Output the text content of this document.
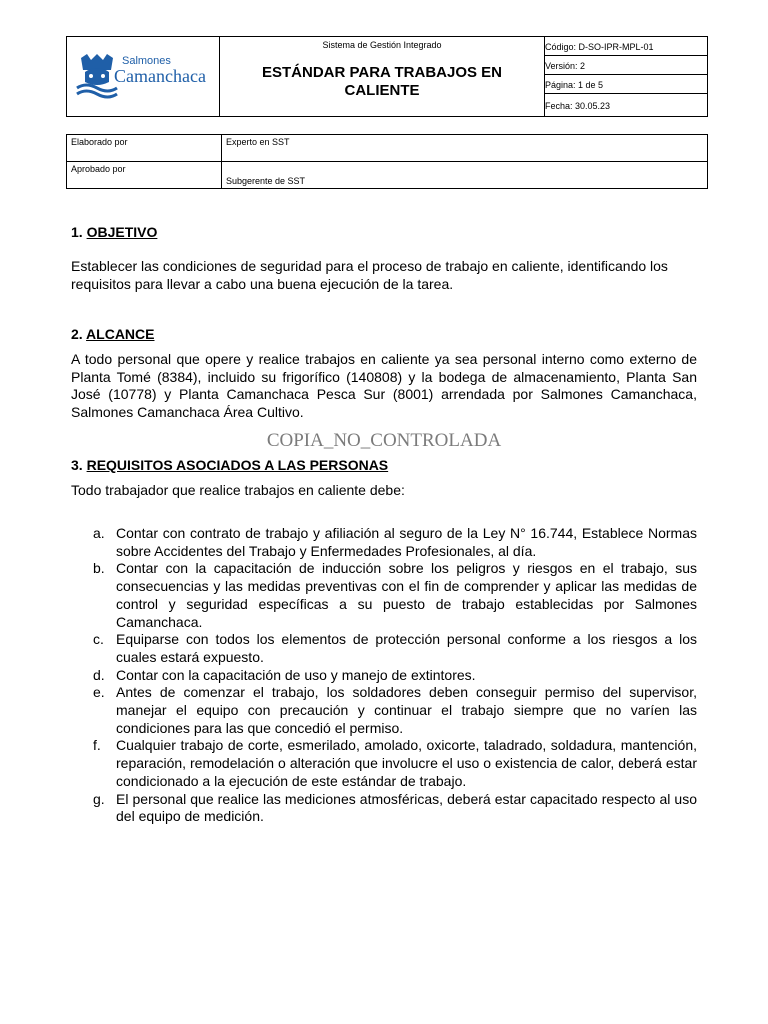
Salmones
Camanchaca

Sistema de Gestión Integrado
ESTÁNDAR PARA TRABAJOS EN
CALIENTE
	Código: D-SO-IPR-MPL-01
Versión: 2
Página: 1 de 5
Fecha: 30.05.23
Elaborado por	Experto en SST
Aprobado por	Subgerente de SST
1. OBJETIVO
Establecer las condiciones de seguridad para el proceso de trabajo en caliente, identificando los requisitos para llevar a cabo una buena ejecución de la tarea.
2. ALCANCE
A todo personal que opere y realice trabajos en caliente ya sea personal interno como externo de Planta Tomé (8384), incluido su frigorífico (140808) y la bodega de almacenamiento, Planta San José (10778) y Planta Camanchaca Pesca Sur (8001) arrendada por Salmones Camanchaca, Salmones Camanchaca Área Cultivo.
COPIA_NO_CONTROLADA
3. REQUISITOS ASOCIADOS A LAS PERSONAS
Todo trabajador que realice trabajos en caliente debe:
a. Contar con contrato de trabajo y afiliación al seguro de la Ley N° 16.744, Establece Normas sobre Accidentes del Trabajo y Enfermedades Profesionales, al día.
b. Contar con la capacitación de inducción sobre los peligros y riesgos en el trabajo, sus consecuencias y las medidas preventivas con el fin de comprender y aplicar las medidas de control y seguridad específicas a su puesto de trabajo establecidas por Salmones Camanchaca.
c. Equiparse con todos los elementos de protección personal conforme a los riesgos a los cuales estará expuesto.
d. Contar con la capacitación de uso y manejo de extintores.
e. Antes de comenzar el trabajo, los soldadores deben conseguir permiso del supervisor, manejar el equipo con precaución y continuar el trabajo siempre que no varíen las condiciones para las que concedió el permiso.
f. Cualquier trabajo de corte, esmerilado, amolado, oxicorte, taladrado, soldadura, mantención, reparación, remodelación o alteración que involucre el uso o existencia de calor, deberá estar condicionado a la ejecución de este estándar de trabajo.
g. El personal que realice las mediciones atmosféricas, deberá estar capacitado respecto al uso del equipo de medición.
